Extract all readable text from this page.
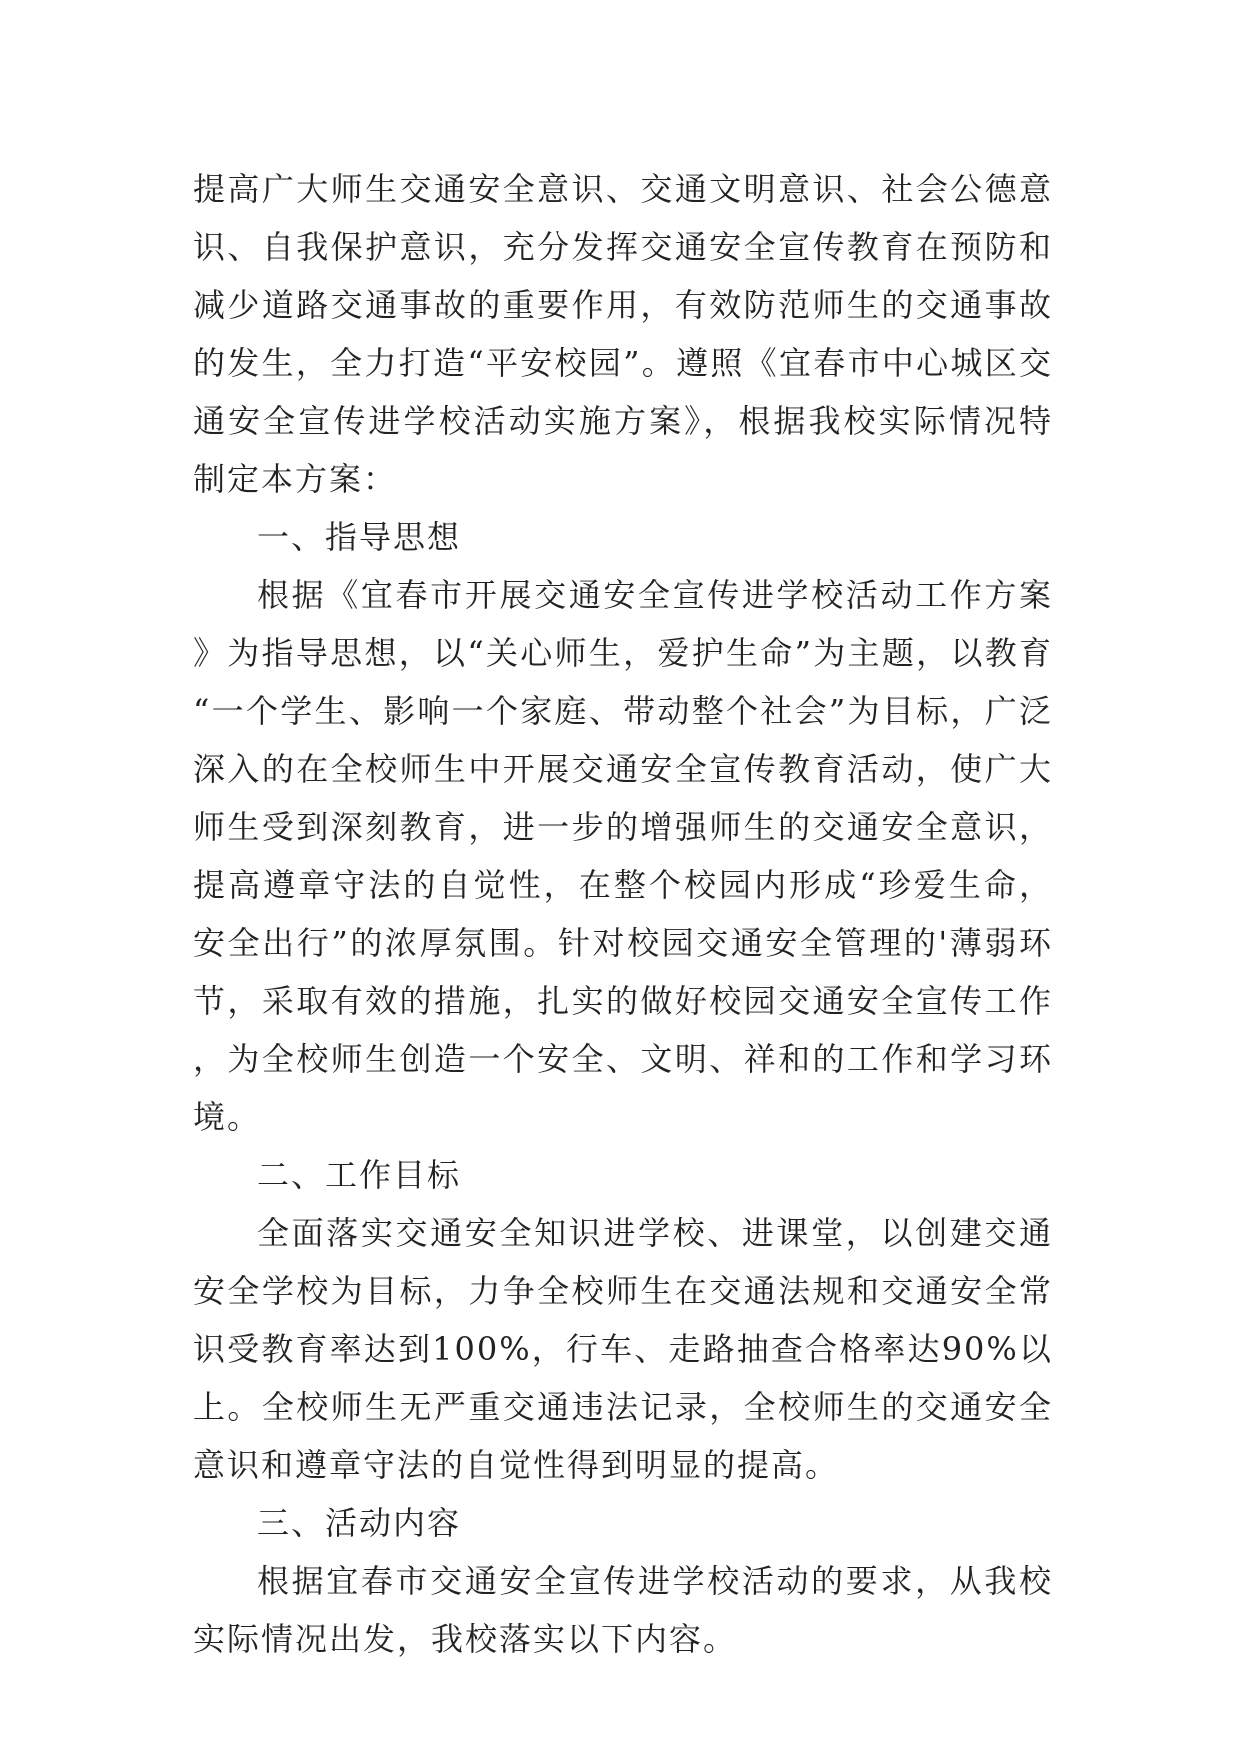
提高广大师生交通安全意识、交通文明意识、社会公德意识、自我保护意识，充分发挥交通安全宣传教育在预防和减少道路交通事故的重要作用，有效防范师生的交通事故的发生，全力打造“平安校园”。遵照《宜春市中心城区交通安全宣传进学校活动实施方案》，根据我校实际情况特制定本方案：

一、指导思想

根据《宜春市开展交通安全宣传进学校活动工作方案》为指导思想，以“关心师生，爱护生命”为主题，以教育“一个学生、影响一个家庭、带动整个社会”为目标，广泛深入的在全校师生中开展交通安全宣传教育活动，使广大师生受到深刻教育，进一步的增强师生的交通安全意识，提高遵章守法的自觉性，在整个校园内形成“珍爱生命，安全出行”的浓厚氛围。针对校园交通安全管理的'薄弱环节，采取有效的措施，扎实的做好校园交通安全宣传工作，为全校师生创造一个安全、文明、祥和的工作和学习环境。

二、工作目标

全面落实交通安全知识进学校、进课堂，以创建交通安全学校为目标，力争全校师生在交通法规和交通安全常识受教育率达到100%，行车、走路抽查合格率达90%以上。全校师生无严重交通违法记录，全校师生的交通安全意识和遵章守法的自觉性得到明显的提高。

三、活动内容

根据宜春市交通安全宣传进学校活动的要求，从我校实际情况出发，我校落实以下内容。
